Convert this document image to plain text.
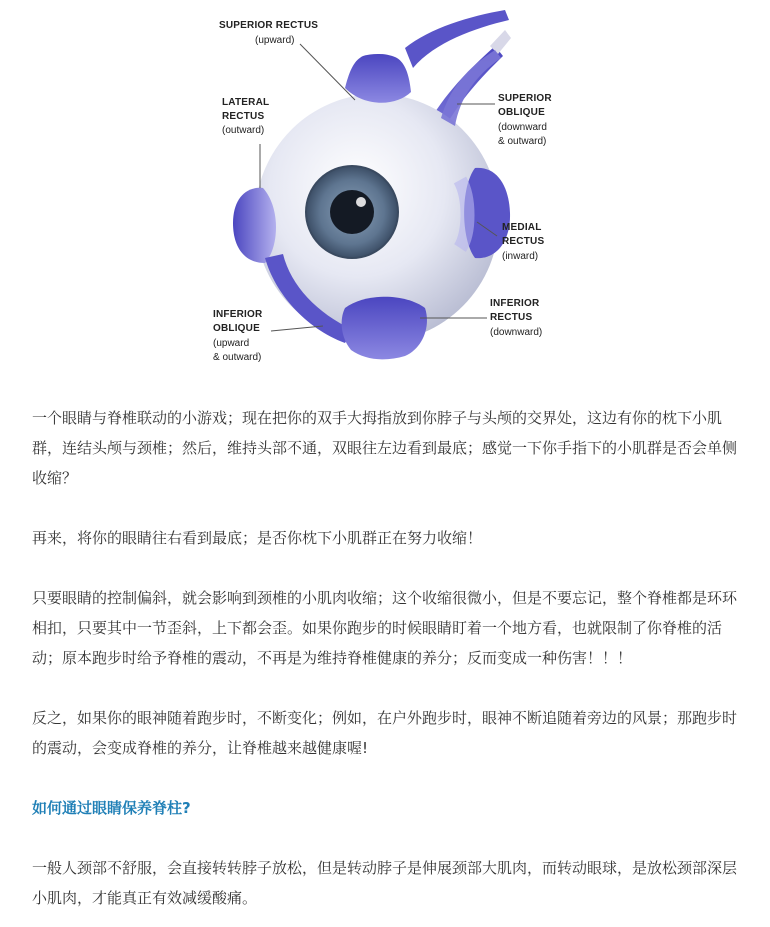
SUPERIOR RECTUS
(upward)
LATERAL
RECTUS
(outward)
SUPERIOR
OBLIQUE
(downward
& outward)
MEDIAL
RECTUS
(inward)
INFERIOR
OBLIQUE
(upward
& outward)
INFERIOR
RECTUS
(downward)

一个眼睛与脊椎联动的小游戏；现在把你的双手大拇指放到你脖子与头颅的交界处，这边有你的枕下小肌群，连结头颅与颈椎；然后，维持头部不通，双眼往左边看到最底；感觉一下你手指下的小肌群是否会单侧收缩？

再来，将你的眼睛往右看到最底；是否你枕下小肌群正在努力收缩！

只要眼睛的控制偏斜，就会影响到颈椎的小肌肉收缩；这个收缩很微小，但是不要忘记，整个脊椎都是环环相扣，只要其中一节歪斜，上下都会歪。如果你跑步的时候眼睛盯着一个地方看，也就限制了你脊椎的活动；原本跑步时给予脊椎的震动，不再是为维持脊椎健康的养分；反而变成一种伤害！！！

反之，如果你的眼神随着跑步时，不断变化；例如，在户外跑步时，眼神不断追随着旁边的风景；那跑步时的震动，会变成脊椎的养分，让脊椎越来越健康喔!

如何通过眼睛保养脊柱?

一般人颈部不舒服，会直接转转脖子放松，但是转动脖子是伸展颈部大肌肉，而转动眼球，是放松颈部深层小肌肉，才能真正有效减缓酸痛。
